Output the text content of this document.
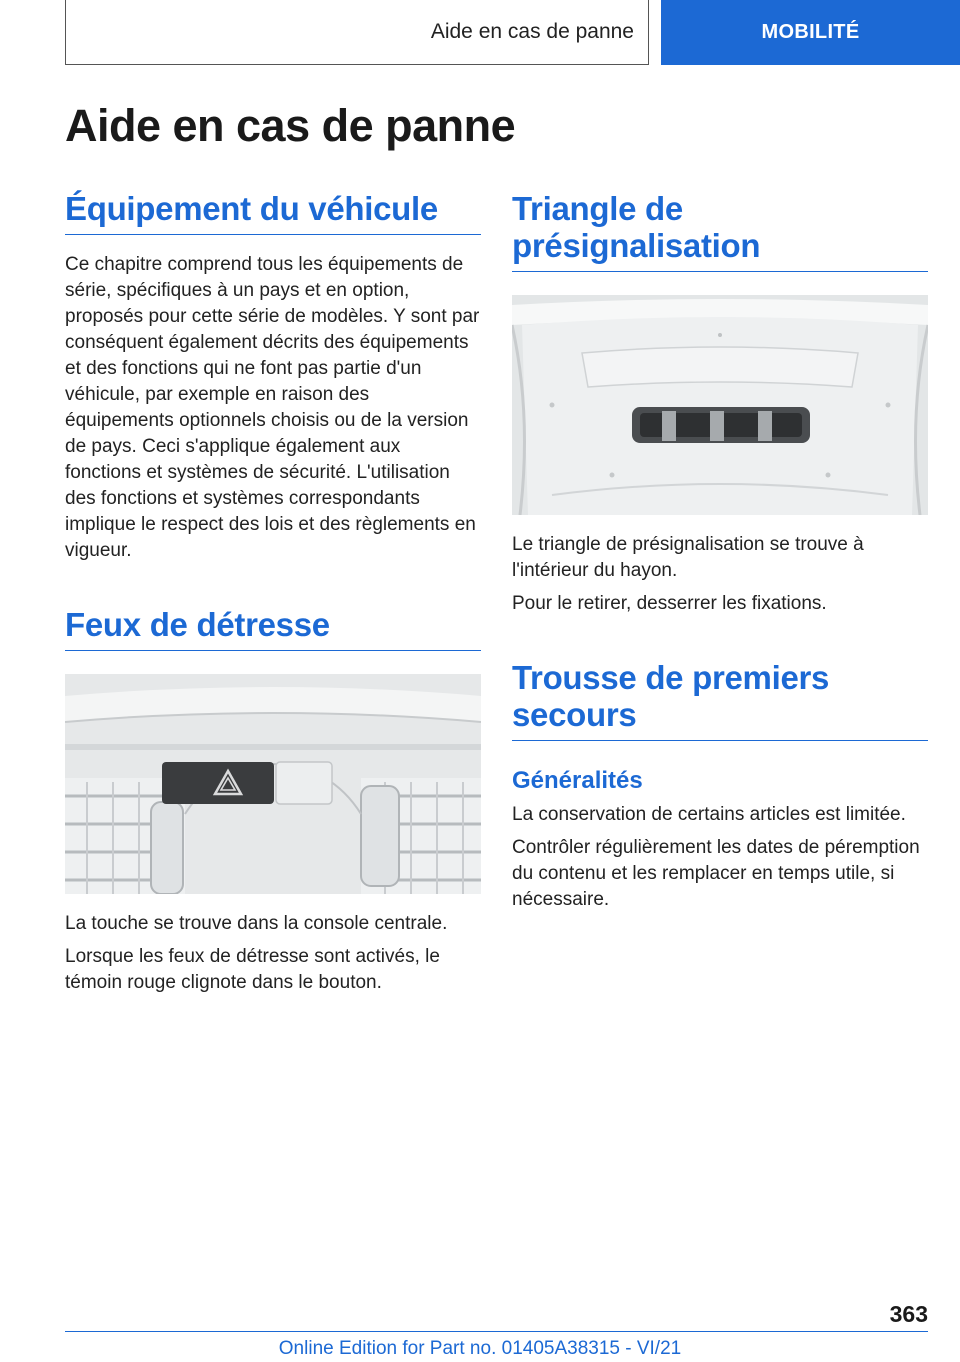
Aide en cas de panne	MOBILITÉ
Aide en cas de panne
Équipement du véhicule

Ce chapitre comprend tous les équipements de série, spécifiques à un pays et en option, proposés pour cette série de modèles. Y sont par conséquent également décrits des équipements et des fonctions qui ne font pas partie d'un véhicule, par exemple en raison des équipements optionnels choisis ou de la version de pays. Ceci s'applique également aux fonctions et systèmes de sécurité. L'utilisation des fonctions et systèmes correspondants implique le respect des lois et des règlements en vigueur.

Feux de détresse

La touche se trouve dans la console centrale.

Lorsque les feux de détresse sont activés, le témoin rouge clignote dans le bouton.

Triangle de présignalisation

Le triangle de présignalisation se trouve à l'intérieur du hayon.

Pour le retirer, desserrer les fixations.

Trousse de premiers secours
Généralités

La conservation de certains articles est limitée.

Contrôler régulièrement les dates de péremption du contenu et les remplacer en temps utile, si nécessaire.

363
Online Edition for Part no. 01405A38315 - VI/21
